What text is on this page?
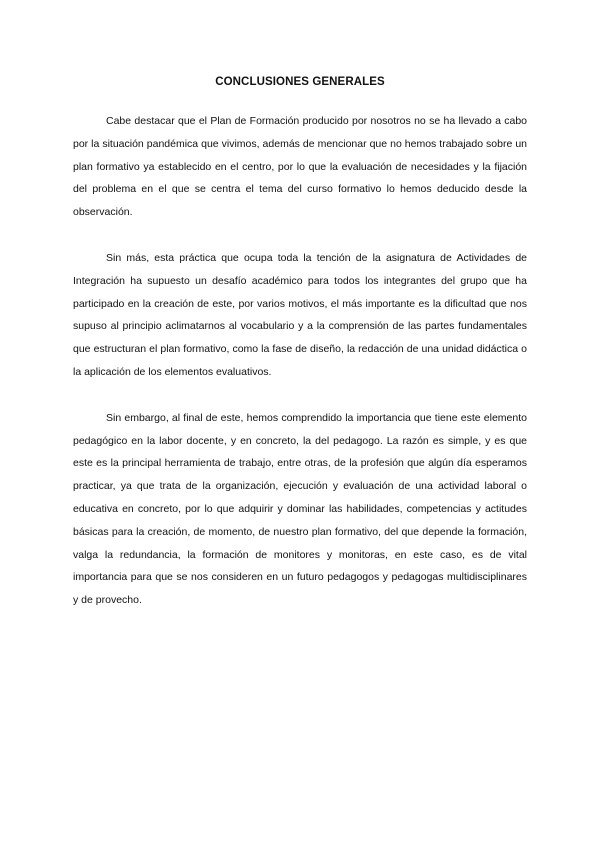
CONCLUSIONES GENERALES

Cabe destacar que el Plan de Formación producido por nosotros no se ha llevado a cabo por la situación pandémica que vivimos, además de mencionar que no hemos trabajado sobre un plan formativo ya establecido en el centro, por lo que la evaluación de necesidades y la fijación del problema en el que se centra el tema del curso formativo lo hemos deducido desde la observación.

Sin más, esta práctica que ocupa toda la tención de la asignatura de Actividades de Integración ha supuesto un desafío académico para todos los integrantes del grupo que ha participado en la creación de este, por varios motivos, el más importante es la dificultad que nos supuso al principio aclimatarnos al vocabulario y a la comprensión de las partes fundamentales que estructuran el plan formativo, como la fase de diseño, la redacción de una unidad didáctica o la aplicación de los elementos evaluativos.

Sin embargo, al final de este, hemos comprendido la importancia que tiene este elemento pedagógico en la labor docente, y en concreto, la del pedagogo. La razón es simple, y es que este es la principal herramienta de trabajo, entre otras, de la profesión que algún día esperamos practicar, ya que trata de la organización, ejecución y evaluación de una actividad laboral o educativa en concreto, por lo que adquirir y dominar las habilidades, competencias y actitudes básicas para la creación, de momento, de nuestro plan formativo, del que depende la formación, valga la redundancia, la formación de monitores y monitoras, en este caso, es de vital importancia para que se nos consideren en un futuro pedagogos y pedagogas multidisciplinares y de provecho.
